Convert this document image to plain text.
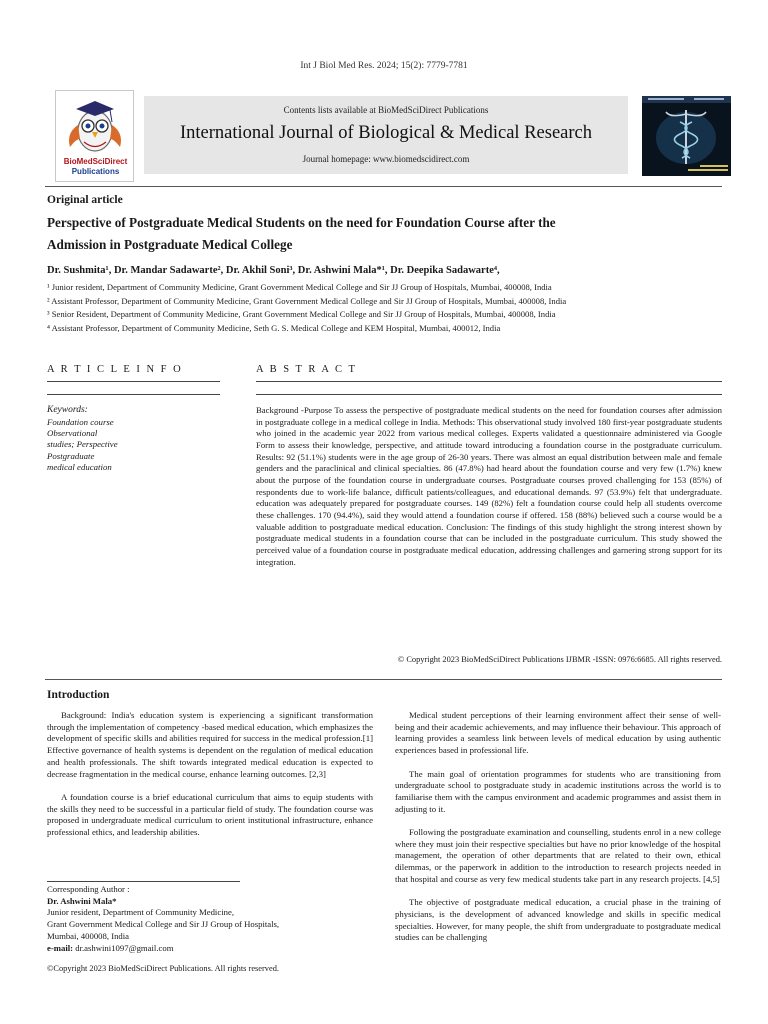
Int J Biol Med Res. 2024; 15(2): 7779-7781
BioMedSciDirect
Publications
Contents lists available at BioMedSciDirect Publications
International Journal of Biological & Medical Research
Journal homepage: www.biomedscidirect.com
Original article
Perspective of Postgraduate Medical Students on the need for Foundation Course after the
Admission in Postgraduate Medical College
Dr. Sushmita¹, Dr. Mandar Sadawarte², Dr. Akhil Soni³, Dr. Ashwini Mala*¹, Dr. Deepika Sadawarte⁴,
¹ Junior resident, Department of Community Medicine, Grant Government Medical College and Sir JJ Group of Hospitals, Mumbai, 400008, India
² Assistant Professor, Department of Community Medicine, Grant Government Medical College and Sir JJ Group of Hospitals, Mumbai, 400008, India
³ Senior Resident, Department of Community Medicine, Grant Government Medical College and Sir JJ Group of Hospitals, Mumbai, 400008, India
⁴ Assistant Professor, Department of Community Medicine, Seth G. S. Medical College and KEM Hospital, Mumbai, 400012, India
A R T I C L E I N F O
Keywords:
Foundation course
Observational
studies; Perspective
Postgraduate
medical education
A B S T R A C T
Background -Purpose To assess the perspective of postgraduate medical students on the need for foundation courses after admission in postgraduate college in a medical college in India. Methods: This observational study involved 180 first-year postgraduate students who joined in the academic year 2022 from various medical colleges. Experts validated a questionnaire administered via Google Form to assess their knowledge, perspective, and attitude toward introducing a foundation course in the postgraduate curriculum. Results: 92 (51.1%) students were in the age group of 26-30 years. There was almost an equal distribution between male and female genders and the paraclinical and clinical specialties. 86 (47.8%) had heard about the foundation course and very few (1.7%) knew about the purpose of the foundation course in undergraduate courses. Postgraduate courses proved challenging for 153 (85%) of respondents due to work-life balance, difficult patients/colleagues, and educational demands. 97 (53.9%) felt that undergraduate. education was adequately prepared for postgraduate courses. 149 (82%) felt a foundation course could help all students overcome these challenges. 170 (94.4%), said they would attend a foundation course if offered. 158 (88%) believed such a course would be a valuable addition to postgraduate medical education. Conclusion: The findings of this study highlight the strong interest shown by postgraduate medical students in a foundation course that can be included in the postgraduate curriculum. This study showed the perceived value of a foundation course in postgraduate medical education, addressing challenges and garnering strong support for its integration.
© Copyright 2023 BioMedSciDirect Publications IJBMR -ISSN: 0976:6685. All rights reserved.
Introduction

Background: India's education system is experiencing a significant transformation through the implementation of competency -based medical education, which emphasizes the development of specific skills and abilities required for success in the medical profession.[1] Effective governance of health systems is dependent on the regulation of medical education and health professionals. The shift towards integrated medical education is expected to decrease fragmentation in the medical course, enhance learning outcomes. [2,3]

A foundation course is a brief educational curriculum that aims to equip students with the skills they need to be successful in a particular field of study. The foundation course was proposed in undergraduate medical curriculum to orient institutional infrastructure, enhance professional ethics, and leadership abilities.

Medical student perceptions of their learning environment affect their sense of well-being and their academic achievements, and may influence their behaviour. This approach of learning provides a seamless link between levels of medical education by using authentic experiences based in professional life.

The main goal of orientation programmes for students who are transitioning from undergraduate school to postgraduate study in academic institutions across the world is to familiarise them with the campus environment and academic programmes and assist them in adjusting to it.

Following the postgraduate examination and counselling, students enrol in a new college where they must join their respective specialties but have no prior knowledge of the hospital management, the operation of other departments that are related to their own, ethical dilemmas, or the paperwork in addition to the introduction to research projects needed in that hospital and course as very few medical students take part in any research projects. [4,5]

The objective of postgraduate medical education, a crucial phase in the training of physicians, is the development of advanced knowledge and skills in specific medical specialties. However, for many people, the shift from undergraduate to postgraduate medical studies can be challenging

Corresponding Author :
Dr. Ashwini Mala*
Junior resident, Department of Community Medicine,
Grant Government Medical College and Sir JJ Group of Hospitals,
Mumbai, 400008, India
e-mail: dr.ashwini1097@gmail.com
©Copyright 2023 BioMedSciDirect Publications. All rights reserved.
